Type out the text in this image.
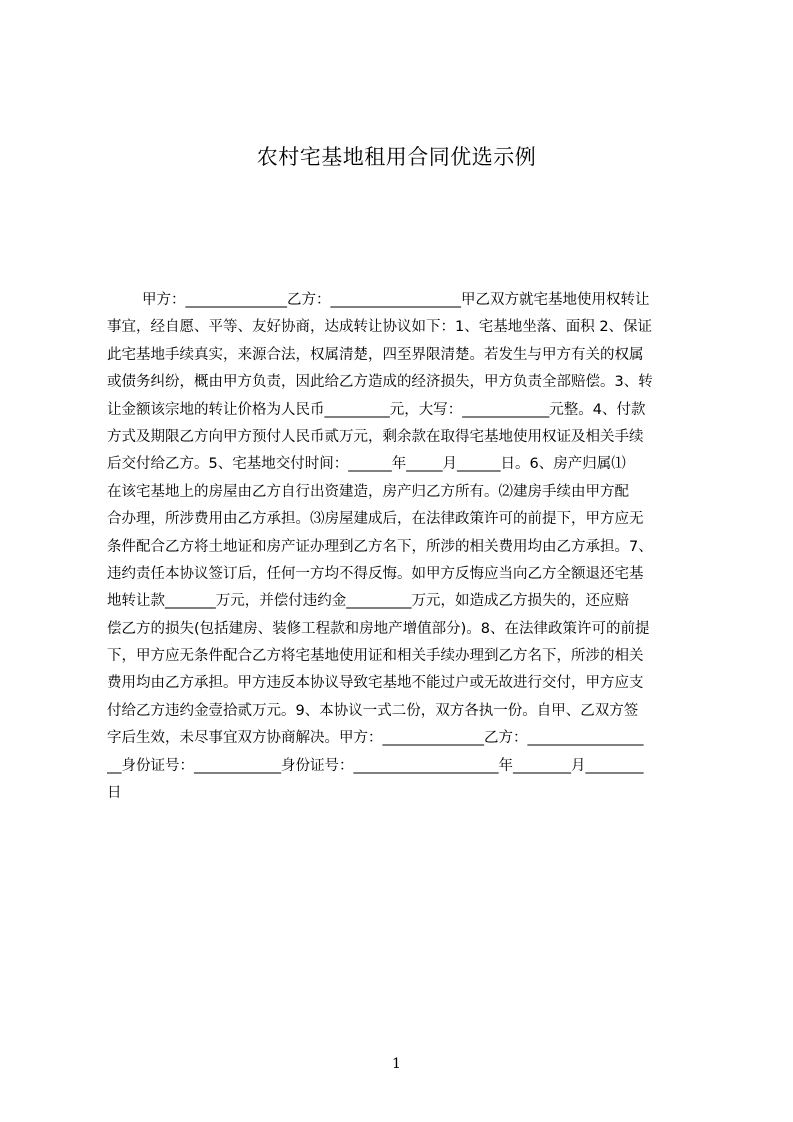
农村宅基地租用合同优选示例
甲方：______________乙方：__________________甲乙双方就宅基地使用权转让
事宜，经自愿、平等、友好协商，达成转让协议如下：1、宅基地坐落、面积 2、保证
此宅基地手续真实，来源合法，权属清楚，四至界限清楚。若发生与甲方有关的权属
或债务纠纷，概由甲方负责，因此给乙方造成的经济损失，甲方负责全部赔偿。3、转
让金额该宗地的转让价格为人民币_________元，大写：____________元整。4、付款
方式及期限乙方向甲方预付人民币贰万元，剩余款在取得宅基地使用权证及相关手续
后交付给乙方。5、宅基地交付时间：______年_____月______日。6、房产归属⑴
在该宅基地上的房屋由乙方自行出资建造，房产归乙方所有。⑵建房手续由甲方配
合办理，所涉费用由乙方承担。⑶房屋建成后，在法律政策许可的前提下，甲方应无
条件配合乙方将土地证和房产证办理到乙方名下，所涉的相关费用均由乙方承担。7、
违约责任本协议签订后，任何一方均不得反悔。如甲方反悔应当向乙方全额退还宅基
地转让款_______万元，并偿付违约金_________万元，如造成乙方损失的，还应赔
偿乙方的损失(包括建房、装修工程款和房地产增值部分)。8、在法律政策许可的前提
下，甲方应无条件配合乙方将宅基地使用证和相关手续办理到乙方名下，所涉的相关
费用均由乙方承担。甲方违反本协议导致宅基地不能过户或无故进行交付，甲方应支
付给乙方违约金壹拾贰万元。9、本协议一式二份，双方各执一份。自甲、乙双方签
字后生效，未尽事宜双方协商解决。甲方：______________乙方：________________
__身份证号：____________身份证号：____________________年________月________
日
1
